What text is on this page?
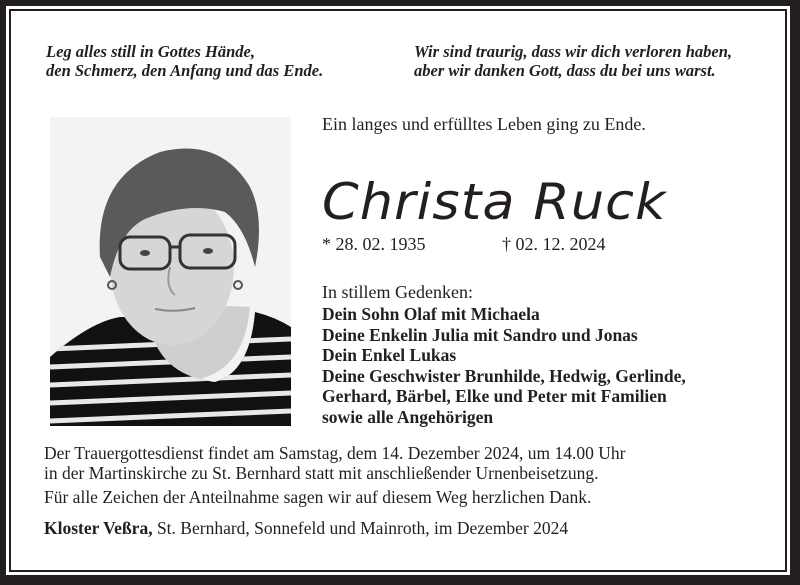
Leg alles still in Gottes Hände,
den Schmerz, den Anfang und das Ende.
Wir sind traurig, dass wir dich verloren haben,
aber wir danken Gott, dass du bei uns warst.
Ein langes und erfülltes Leben ging zu Ende.
Christa Ruck
* 28. 02. 1935	† 02. 12. 2024
In stillem Gedenken:
Dein Sohn Olaf mit Michaela
Deine Enkelin Julia mit Sandro und Jonas
Dein Enkel Lukas
Deine Geschwister Brunhilde, Hedwig, Gerlinde,
Gerhard, Bärbel, Elke und Peter mit Familien
sowie alle Angehörigen
Der Trauergottesdienst findet am Samstag, dem 14. Dezember 2024, um 14.00 Uhr
in der Martinskirche zu St. Bernhard statt mit anschließender Urnenbeisetzung.
Für alle Zeichen der Anteilnahme sagen wir auf diesem Weg herzlichen Dank.
Kloster Veßra, St. Bernhard, Sonnefeld und Mainroth, im Dezember 2024
